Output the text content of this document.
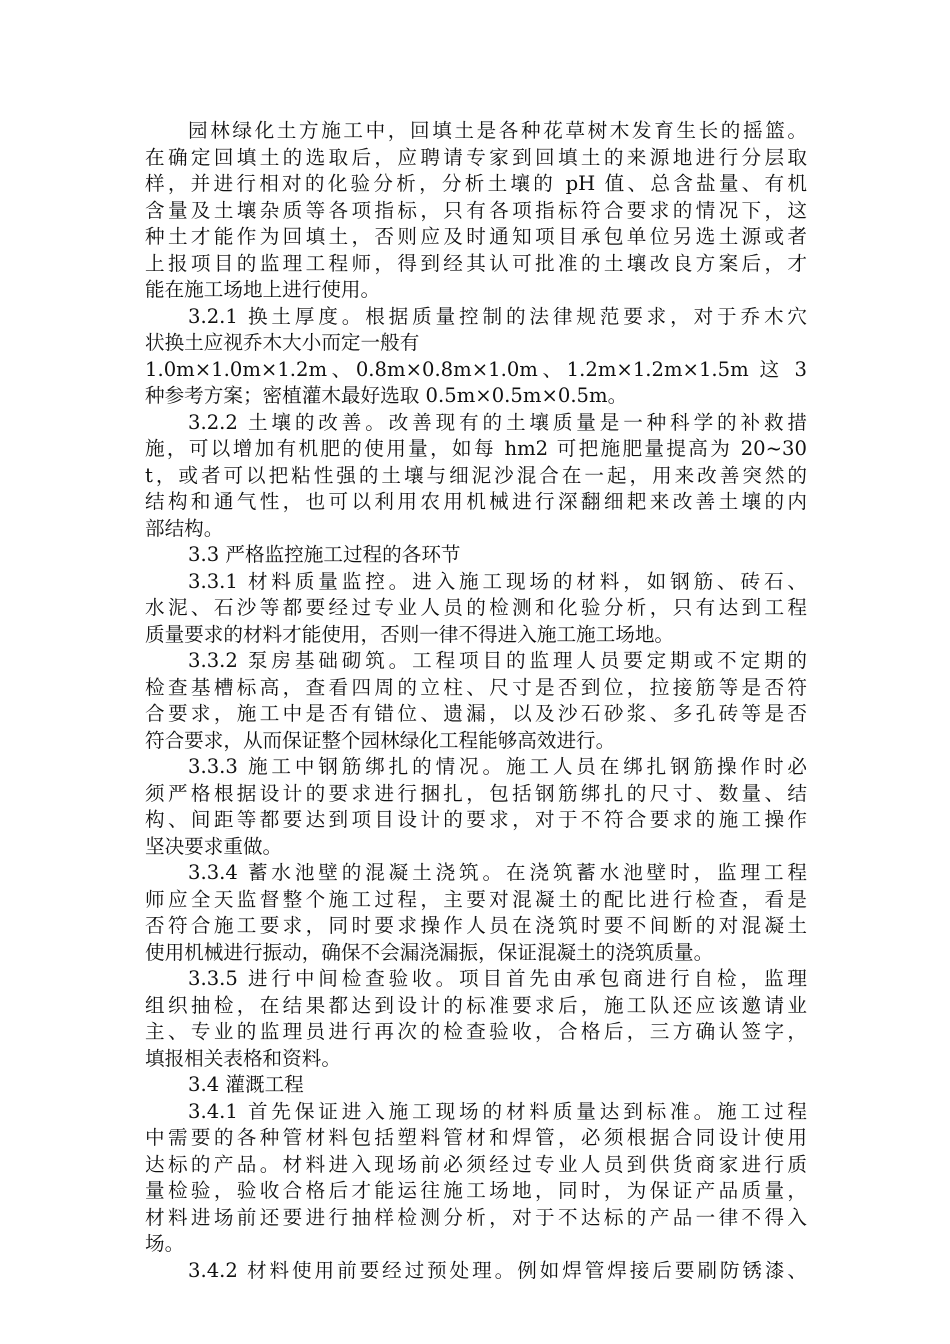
园林绿化土方施工中，回填土是各种花草树木发育生长的摇篮。
在确定回填土的选取后，应聘请专家到回填土的来源地进行分层取
样，并进行相对的化验分析，分析土壤的 pH 值、总含盐量、有机
含量及土壤杂质等各项指标，只有各项指标符合要求的情况下，这
种土才能作为回填土，否则应及时通知项目承包单位另选土源或者
上报项目的监理工程师，得到经其认可批准的土壤改良方案后，才
能在施工场地上进行使用。
3.2.1 换土厚度。根据质量控制的法律规范要求，对于乔木穴
状换土应视乔木大小而定一般有
1.0m×1.0m×1.2m、0.8m×0.8m×1.0m、1.2m×1.2m×1.5m 这 3
种参考方案；密植灌木最好选取 0.5m×0.5m×0.5m。
3.2.2 土壤的改善。改善现有的土壤质量是一种科学的补救措
施，可以增加有机肥的使用量，如每 hm2 可把施肥量提高为 20~30
t，或者可以把粘性强的土壤与细泥沙混合在一起，用来改善突然的
结构和通气性，也可以利用农用机械进行深翻细耙来改善土壤的内
部结构。
3.3 严格监控施工过程的各环节
3.3.1 材料质量监控。进入施工现场的材料，如钢筋、砖石、
水泥、石沙等都要经过专业人员的检测和化验分析，只有达到工程
质量要求的材料才能使用，否则一律不得进入施工施工场地。
3.3.2 泵房基础砌筑。工程项目的监理人员要定期或不定期的
检查基槽标高，查看四周的立柱、尺寸是否到位，拉接筋等是否符
合要求，施工中是否有错位、遗漏，以及沙石砂浆、多孔砖等是否
符合要求，从而保证整个园林绿化工程能够高效进行。
3.3.3 施工中钢筋绑扎的情况。施工人员在绑扎钢筋操作时必
须严格根据设计的要求进行捆扎，包括钢筋绑扎的尺寸、数量、结
构、间距等都要达到项目设计的要求，对于不符合要求的施工操作
坚决要求重做。
3.3.4 蓄水池壁的混凝土浇筑。在浇筑蓄水池壁时，监理工程
师应全天监督整个施工过程，主要对混凝土的配比进行检查，看是
否符合施工要求，同时要求操作人员在浇筑时要不间断的对混凝土
使用机械进行振动，确保不会漏浇漏振，保证混凝土的浇筑质量。
3.3.5 进行中间检查验收。项目首先由承包商进行自检，监理
组织抽检，在结果都达到设计的标准要求后，施工队还应该邀请业
主、专业的监理员进行再次的检查验收，合格后，三方确认签字，
填报相关表格和资料。
3.4 灌溉工程
3.4.1 首先保证进入施工现场的材料质量达到标准。施工过程
中需要的各种管材料包括塑料管材和焊管，必须根据合同设计使用
达标的产品。材料进入现场前必须经过专业人员到供货商家进行质
量检验，验收合格后才能运往施工场地，同时，为保证产品质量，
材料进场前还要进行抽样检测分析，对于不达标的产品一律不得入
场。
3.4.2 材料使用前要经过预处理。例如焊管焊接后要刷防锈漆、
